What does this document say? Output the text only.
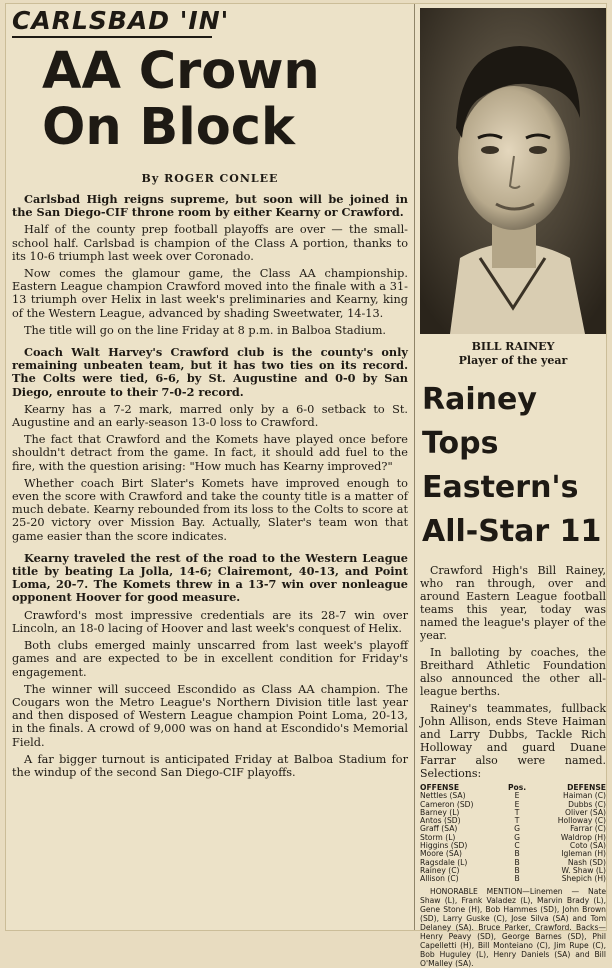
CARLSBAD 'IN'
AA Crown
On Block
By ROGER CONLEE

Carlsbad High reigns supreme, but soon will be joined in the San Diego-CIF throne room by either Kearny or Crawford.

Half of the county prep football playoffs are over — the small-school half. Carlsbad is champion of the Class A portion, thanks to its 10-6 triumph last week over Coronado.

Now comes the glamour game, the Class AA championship. Eastern League champion Crawford moved into the finale with a 31-13 triumph over Helix in last week's preliminaries and Kearny, king of the Western League, advanced by shading Sweetwater, 14-13.

The title will go on the line Friday at 8 p.m. in Balboa Stadium.

Coach Walt Harvey's Crawford club is the county's only remaining unbeaten team, but it has two ties on its record. The Colts were tied, 6-6, by St. Augustine and 0-0 by San Diego, enroute to their 7-0-2 record.

Kearny has a 7-2 mark, marred only by a 6-0 setback to St. Augustine and an early-season 13-0 loss to Crawford.

The fact that Crawford and the Komets have played once before shouldn't detract from the game. In fact, it should add fuel to the fire, with the question arising: "How much has Kearny improved?"

Whether coach Birt Slater's Komets have improved enough to even the score with Crawford and take the county title is a matter of much debate. Kearny rebounded from its loss to the Colts to score at 25-20 victory over Mission Bay. Actually, Slater's team won that game easier than the score indicates.

Kearny traveled the rest of the road to the Western League title by beating La Jolla, 14-6; Clairemont, 40-13, and Point Loma, 20-7. The Komets threw in a 13-7 win over nonleague opponent Hoover for good measure.

Crawford's most impressive credentials are its 28-7 win over Lincoln, an 18-0 lacing of Hoover and last week's conquest of Helix.

Both clubs emerged mainly unscarred from last week's playoff games and are expected to be in excellent condition for Friday's engagement.

The winner will succeed Escondido as Class AA champion. The Cougars won the Metro League's Northern Division title last year and then disposed of Western League champion Point Loma, 20-13, in the finals. A crowd of 9,000 was on hand at Escondido's Memorial Field.

A far bigger turnout is anticipated Friday at Balboa Stadium for the windup of the second San Diego-CIF playoffs.

BILL RAINEY
Player of the year
Rainey Tops
Eastern's
All-Star 11

Crawford High's Bill Rainey, who ran through, over and around Eastern League football teams this year, today was named the league's player of the year.

In balloting by coaches, the Breithard Athletic Foundation also announced the other all-league berths.

Rainey's teammates, fullback John Allison, ends Steve Haiman and Larry Dubbs, Tackle Rich Holloway and guard Duane Farrar also were named. Selections:

OFFENSE	Pos.	DEFENSE
Nettles (SA)	E	Haiman (C)
Cameron (SD)	E	Dubbs (C)
Barney (L)	T	Oliver (SA)
Antos (SD)	T	Holloway (C)
Graff (SA)	G	Farrar (C)
Storm (L)	G	Waldrop (H)
Higgins (SD)	C	Coto (SA)
Moore (SA)	B	Igleman (H)
Ragsdale (L)	B	Nash (SD)
Rainey (C)	B	W. Shaw (L)
Allison (C)	B	Shepich (H)
HONORABLE MENTION—Linemen — Nate Shaw (L), Frank Valadez (L), Marvin Brady (L), Gene Stone (H), Bob Hammes (SD), John Brown (SD), Larry Guske (C), Jose Silva (SA) and Tom Delaney (SA). Bruce Parker, Crawford. Backs—Henry Peavy (SD), George Barnes (SD), Phil Capelletti (H), Bill Monteiano (C), Jim Rupe (C), Bob Huguley (L), Henry Daniels (SA) and Bill O'Malley (SA).
